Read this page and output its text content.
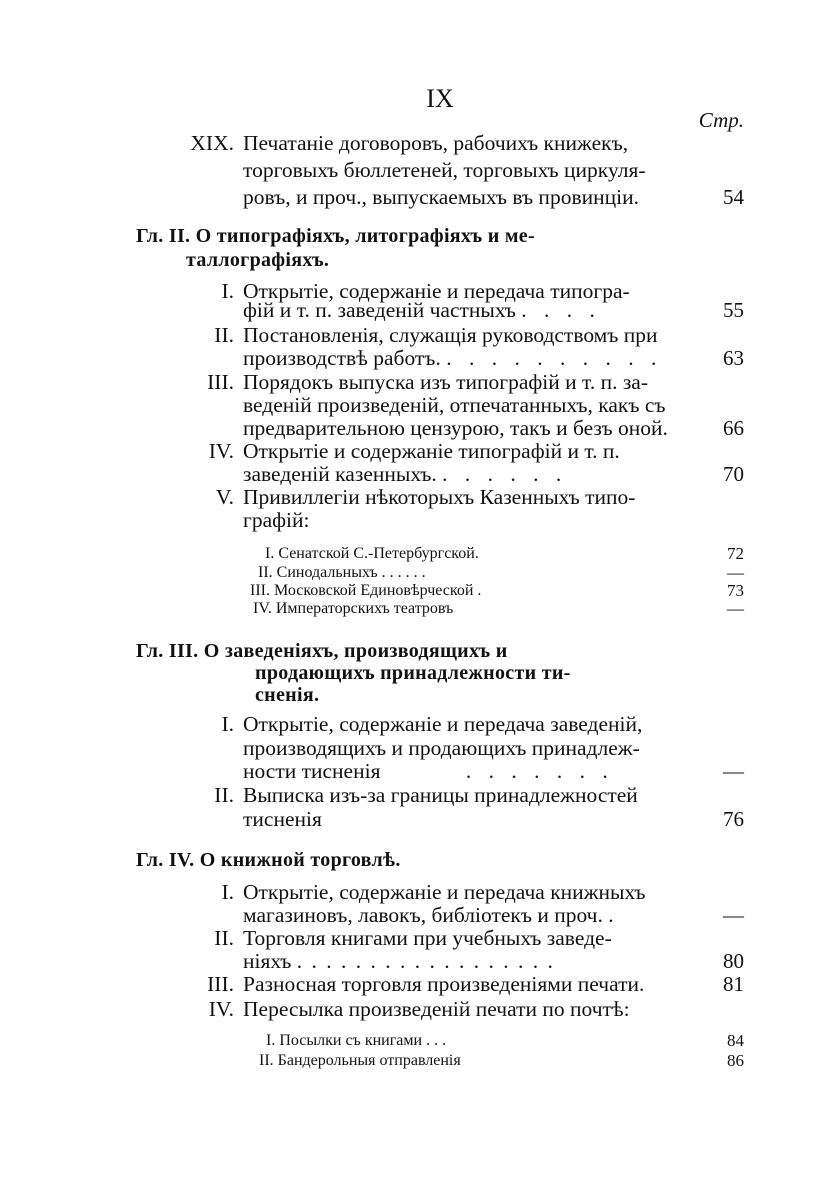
IX
Стр.
XIX. Печатаніе договоровъ, рабочихъ книжекъ,
торговыхъ бюллетеней, торговыхъ циркуля-
ровъ, и проч., выпускаемыхъ въ провинціи.	54
Гл. II. О типографіяхъ, литографіяхъ и ме-
таллографіяхъ.
I. Открытіе, содержаніе и передача типогра-
фій и т. п. заведеній частныхъ . . . .	55
II. Постановленія, служащія руководствомъ при
производствѣ работъ. . . . . . . . . . .	63
III. Порядокъ выпуска изъ типографій и т. п. за-
веденій произведеній, отпечатанныхъ, какъ съ
предварительною цензурою, такъ и безъ оной.	66
IV. Открытіе и содержаніе типографій и т. п.
заведеній казенныхъ. . . . . . .	70
V. Привиллегіи нѣкоторыхъ Казенныхъ типо-
графій:
I. Сенатской С.-Петербургской.	72
II. Синодальныхъ . . . . . .	—
III. Московской Единовѣрческой .	73
IV. Императорскихъ театровъ	—
Гл. III. О заведеніяхъ, производящихъ и
продающихъ принадлежности ти-
сненія.
I. Открытіе, содержаніе и передача заведеній,
производящихъ и продающихъ принадлеж-
ности тисненія	. . . . . . .	—
II. Выписка изъ-за границы принадлежностей
тисненія	76
Гл. IV. О книжной торговлѣ.
I. Открытіе, содержаніе и передача книжныхъ
магазиновъ, лавокъ, библіотекъ и проч. .	—
II. Торговля книгами при учебныхъ заведе-
ніяхъ . . . . . . . . . . . . . . . . . .	80
III. Разносная торговля произведеніями печати.	81
IV. Пересылка произведеній печати по почтѣ:
I. Посылки съ книгами . . .	84
II. Бандерольныя отправленія	86
